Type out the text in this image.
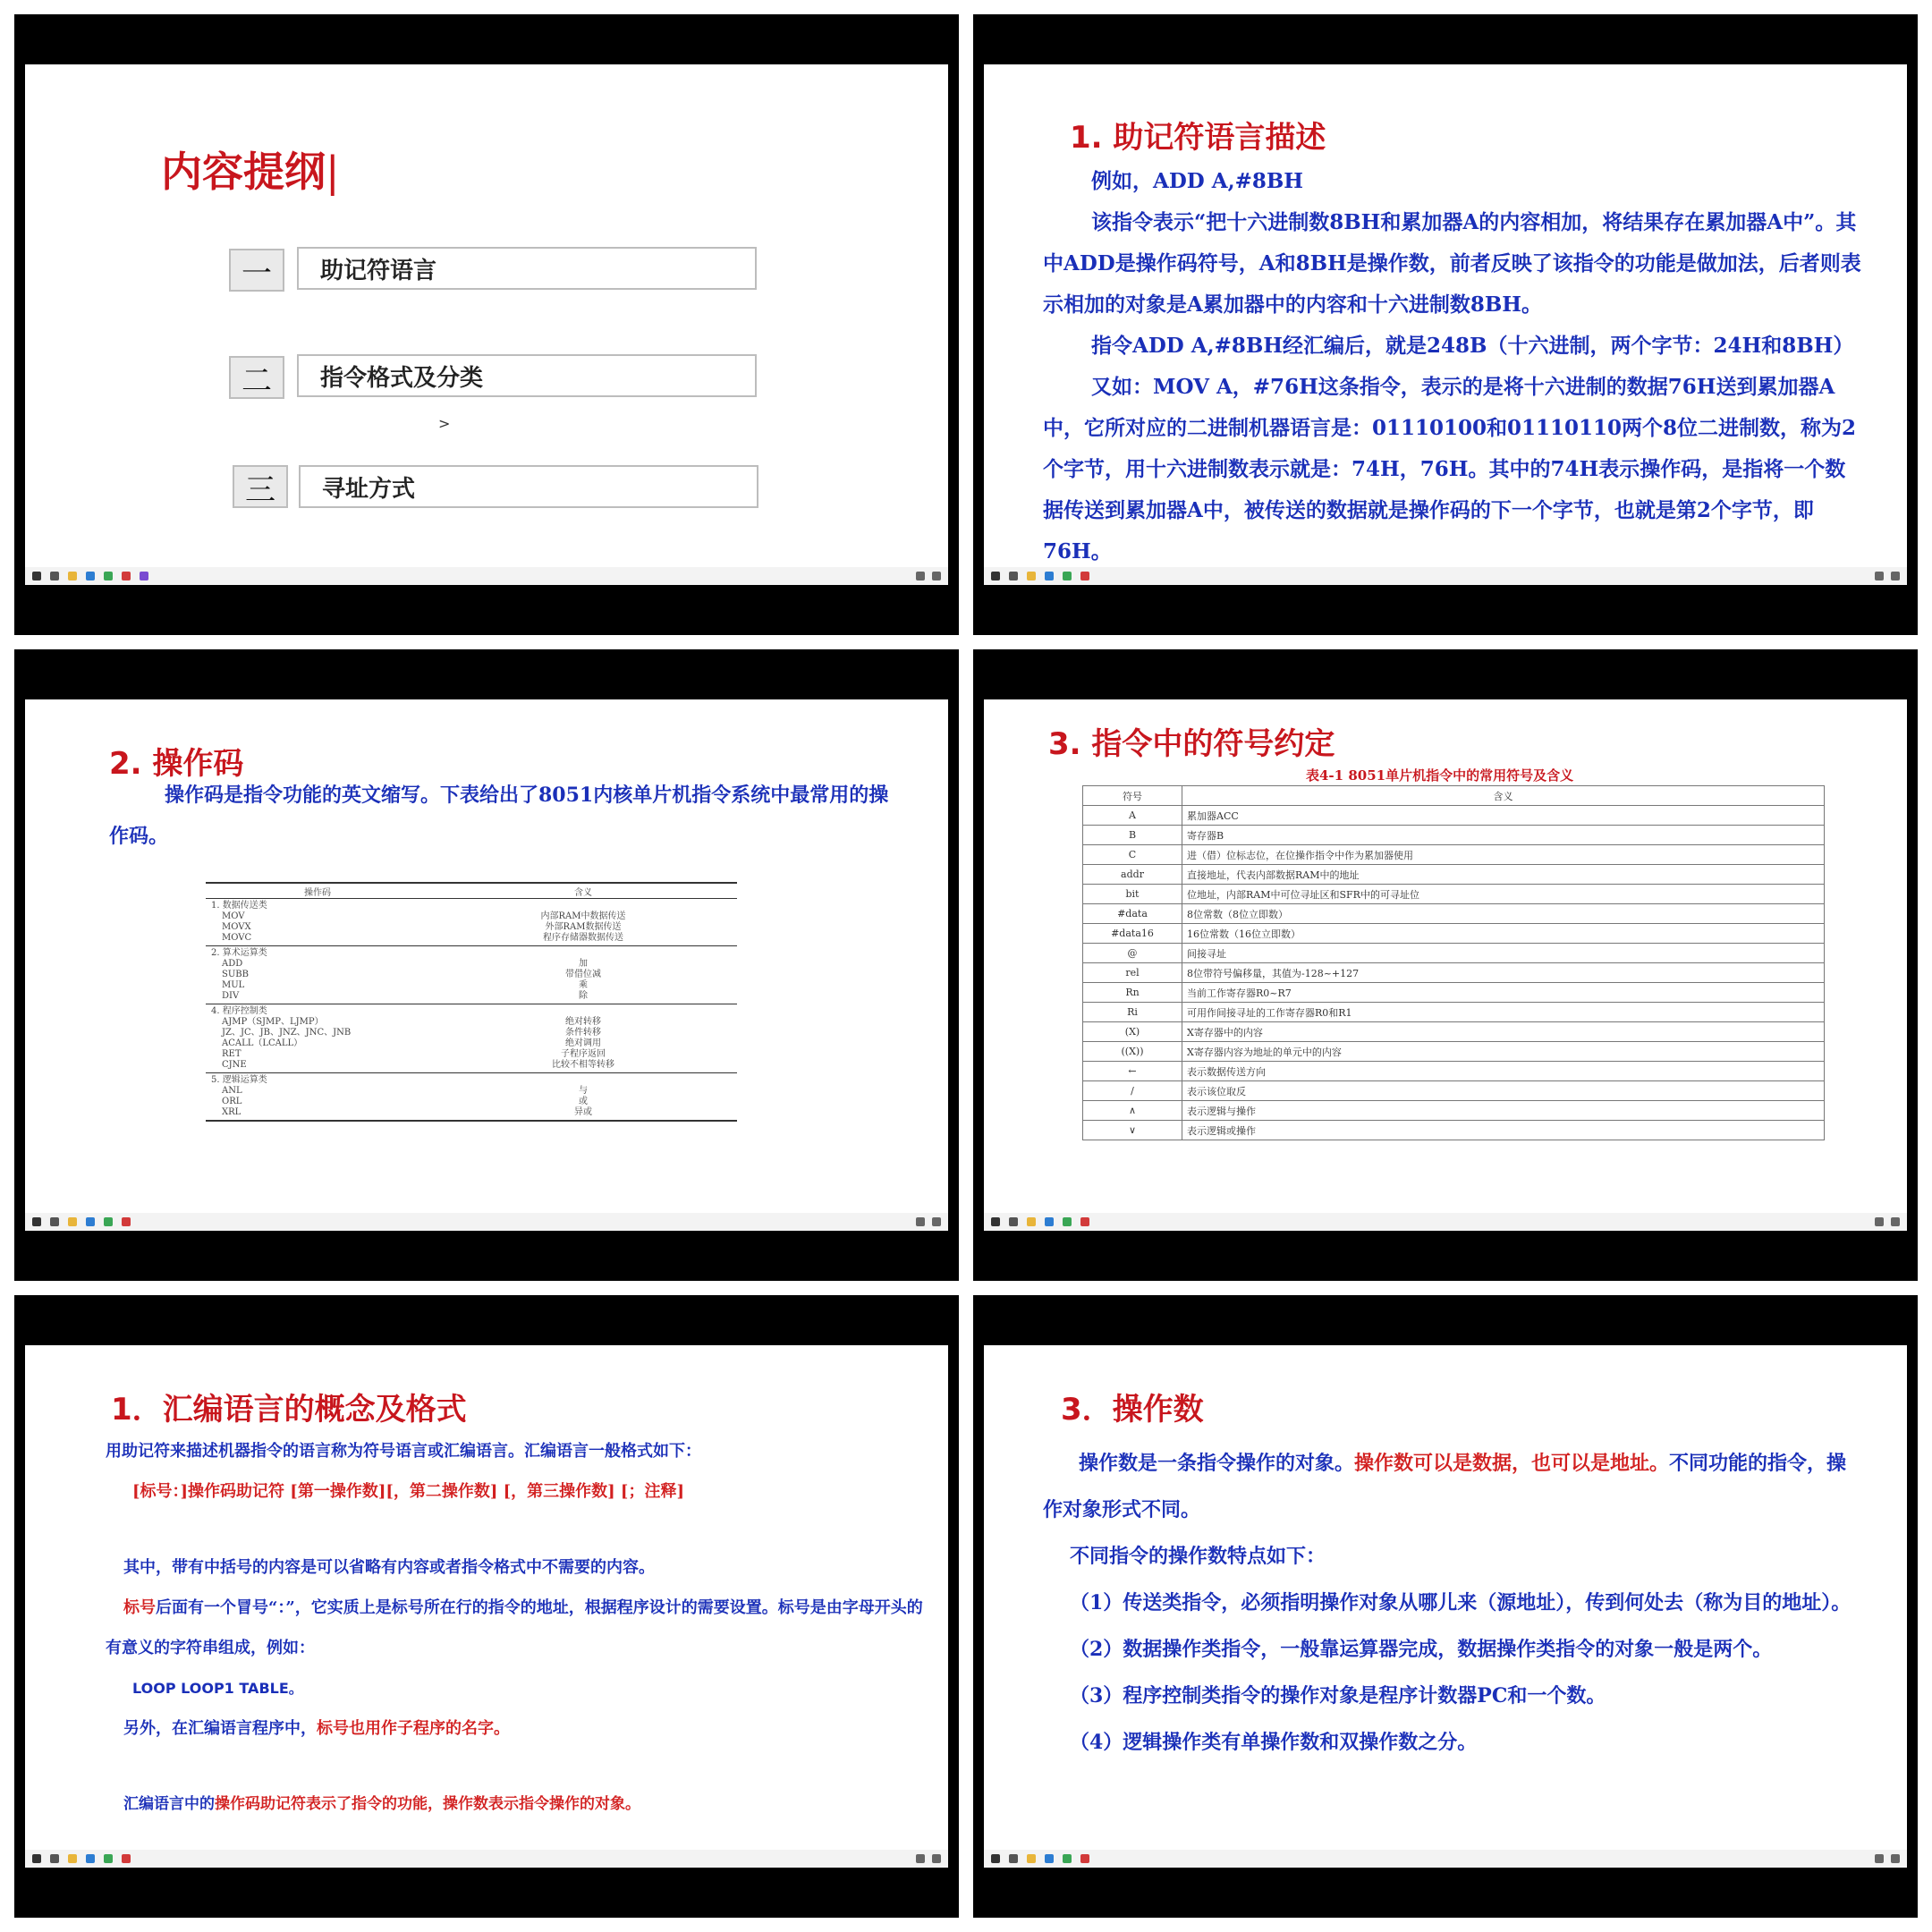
内容提纲|
一	助记符语言
二	指令格式及分类
>
三	寻址方式
1. 助记符语言描述
例如，ADD A,#8BH
该指令表示“把十六进制数8BH和累加器A的内容相加，将结果存在累加器A中”。其中ADD是操作码符号，A和8BH是操作数，前者反映了该指令的功能是做加法，后者则表示相加的对象是A累加器中的内容和十六进制数8BH。
指令ADD A,#8BH经汇编后，就是248B（十六进制，两个字节：24H和8BH）
又如：MOV A，#76H这条指令，表示的是将十六进制的数据76H送到累加器A中，它所对应的二进制机器语言是：01110100和01110110两个8位二进制数，称为2个字节，用十六进制数表示就是：74H，76H。其中的74H表示操作码，是指将一个数据传送到累加器A中，被传送的数据就是操作码的下一个字节，也就是第2个字节，即76H。
2. 操作码
操作码是指令功能的英文缩写。下表给出了8051内核单片机指令系统中最常用的操作码。
操作码	含义
1. 数据传送类
MOV	内部RAM中数据传送
MOVX	外部RAM数据传送
MOVC	程序存储器数据传送
2. 算术运算类
ADD	加
SUBB	带借位减
MUL	乘
DIV	除
4. 程序控制类
AJMP（SJMP、LJMP）	绝对转移
JZ、JC、JB、JNZ、JNC、JNB	条件转移
ACALL（LCALL）	绝对调用
RET	子程序返回
CJNE	比较不相等转移
5. 逻辑运算类
ANL	与
ORL	或
XRL	异或
3. 指令中的符号约定
表4-1 8051单片机指令中的常用符号及含义
符号	含义
A	累加器ACC
B	寄存器B
C	进（借）位标志位，在位操作指令中作为累加器使用
addr	直接地址，代表内部数据RAM中的地址
bit	位地址，内部RAM中可位寻址区和SFR中的可寻址位
#data	8位常数（8位立即数）
#data16	16位常数（16位立即数）
@	间接寻址
rel	8位带符号偏移量，其值为-128~+127
Rn	当前工作寄存器R0~R7
Ri	可用作间接寻址的工作寄存器R0和R1
(X)	X寄存器中的内容
((X))	X寄存器内容为地址的单元中的内容
←	表示数据传送方向
/	表示该位取反
∧	表示逻辑与操作
∨	表示逻辑或操作
1．汇编语言的概念及格式
用助记符来描述机器指令的语言称为符号语言或汇编语言。汇编语言一般格式如下：
[标号：]操作码助记符 [第一操作数][，第二操作数] [，第三操作数] [；注释]
其中，带有中括号的内容是可以省略有内容或者指令格式中不需要的内容。
标号后面有一个冒号“：”，它实质上是标号所在行的指令的地址，根据程序设计的需要设置。标号是由字母开头的有意义的字符串组成，例如：
LOOP LOOP1 TABLE。
另外，在汇编语言程序中，标号也用作子程序的名字。
汇编语言中的操作码助记符表示了指令的功能，操作数表示指令操作的对象。
3．操作数
操作数是一条指令操作的对象。操作数可以是数据，也可以是地址。不同功能的指令，操作对象形式不同。
不同指令的操作数特点如下：
（1）传送类指令，必须指明操作对象从哪儿来（源地址），传到何处去（称为目的地址）。
（2）数据操作类指令，一般靠运算器完成，数据操作类指令的对象一般是两个。
（3）程序控制类指令的操作对象是程序计数器PC和一个数。
（4）逻辑操作类有单操作数和双操作数之分。
